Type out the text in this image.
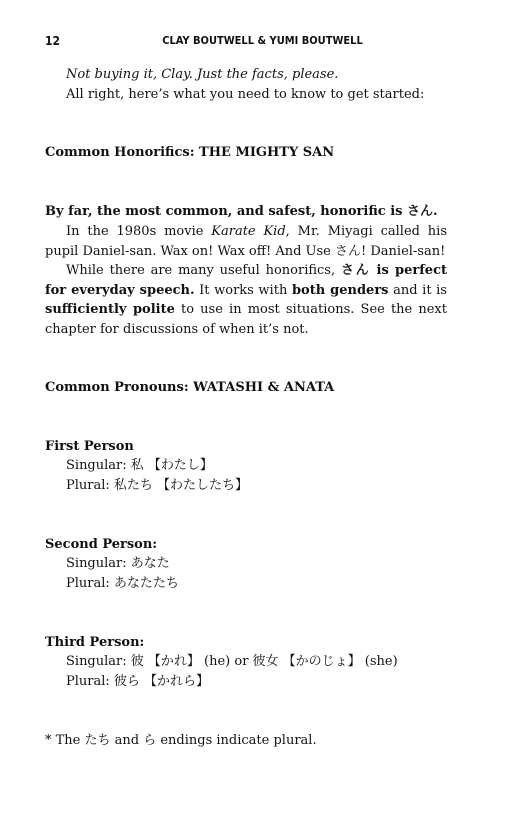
12	CLAY BOUTWELL & YUMI BOUTWELL
Not buying it, Clay. Just the facts, please.
All right, here’s what you need to know to get started:
Common Honorifics: THE MIGHTY SAN
By far, the most common, and safest, honorific is さん.
In the 1980s movie Karate Kid, Mr. Miyagi called his pupil Daniel-san. Wax on! Wax off! And Use さん! Daniel-san!
While there are many useful honorifics, さん is perfect for everyday speech. It works with both genders and it is sufficiently polite to use in most situations. See the next chapter for discussions of when it’s not.
Common Pronouns: WATASHI & ANATA
First Person
Singular: 私 【わたし】
Plural: 私たち 【わたしたち】
Second Person:
Singular: あなた
Plural: あなたたち
Third Person:
Singular: 彼 【かれ】 (he) or 彼女 【かのじょ】 (she)
Plural: 彼ら 【かれら】
* The たち and ら endings indicate plural.
